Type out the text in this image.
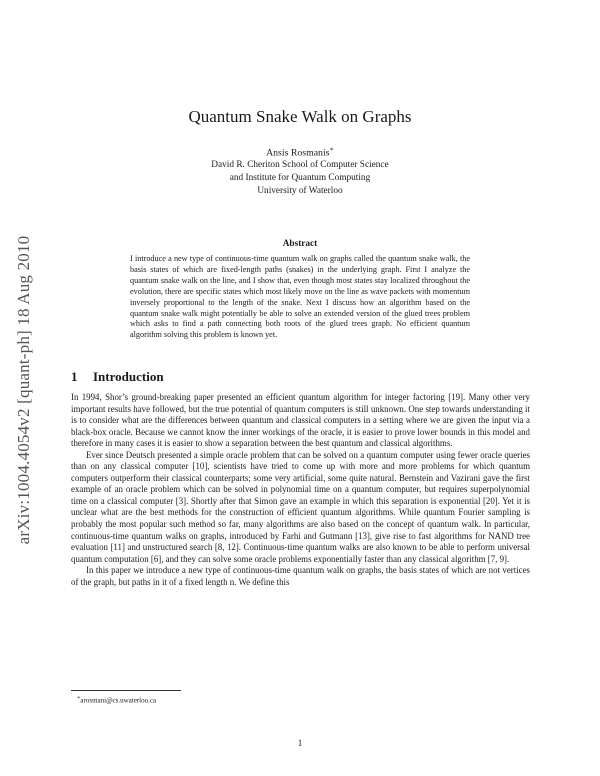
arXiv:1004.4054v2 [quant-ph] 18 Aug 2010
Quantum Snake Walk on Graphs
Ansis Rosmanis∗
David R. Cheriton School of Computer Science
and Institute for Quantum Computing
University of Waterloo
Abstract

I introduce a new type of continuous-time quantum walk on graphs called the quantum snake walk, the basis states of which are fixed-length paths (snakes) in the underlying graph. First I analyze the quantum snake walk on the line, and I show that, even though most states stay localized throughout the evolution, there are specific states which most likely move on the line as wave packets with momentum inversely proportional to the length of the snake. Next I discuss how an algorithm based on the quantum snake walk might potentially be able to solve an extended version of the glued trees problem which asks to find a path connecting both roots of the glued trees graph. No efficient quantum algorithm solving this problem is known yet.

1 Introduction

In 1994, Shor’s ground-breaking paper presented an efficient quantum algorithm for integer factoring [19]. Many other very important results have followed, but the true potential of quantum computers is still unknown. One step towards understanding it is to consider what are the differences between quantum and classical computers in a setting where we are given the input via a black-box oracle. Because we cannot know the inner workings of the oracle, it is easier to prove lower bounds in this model and therefore in many cases it is easier to show a separation between the best quantum and classical algorithms.

Ever since Deutsch presented a simple oracle problem that can be solved on a quantum computer using fewer oracle queries than on any classical computer [10], scientists have tried to come up with more and more problems for which quantum computers outperform their classical counterparts; some very artificial, some quite natural. Bernstein and Vazirani gave the first example of an oracle problem which can be solved in polynomial time on a quantum computer, but requires superpolynomial time on a classical computer [3]. Shortly after that Simon gave an example in which this separation is exponential [20]. Yet it is unclear what are the best methods for the construction of efficient quantum algorithms. While quantum Fourier sampling is probably the most popular such method so far, many algorithms are also based on the concept of quantum walk. In particular, continuous-time quantum walks on graphs, introduced by Farhi and Gutmann [13], give rise to fast algorithms for NAND tree evaluation [11] and unstructured search [8, 12]. Continuous-time quantum walks are also known to be able to perform universal quantum computation [6], and they can solve some oracle problems exponentially faster than any classical algorithm [7, 9].

In this paper we introduce a new type of continuous-time quantum walk on graphs, the basis states of which are not vertices of the graph, but paths in it of a fixed length n. We define this

∗arosmani@cs.uwaterloo.ca
1
